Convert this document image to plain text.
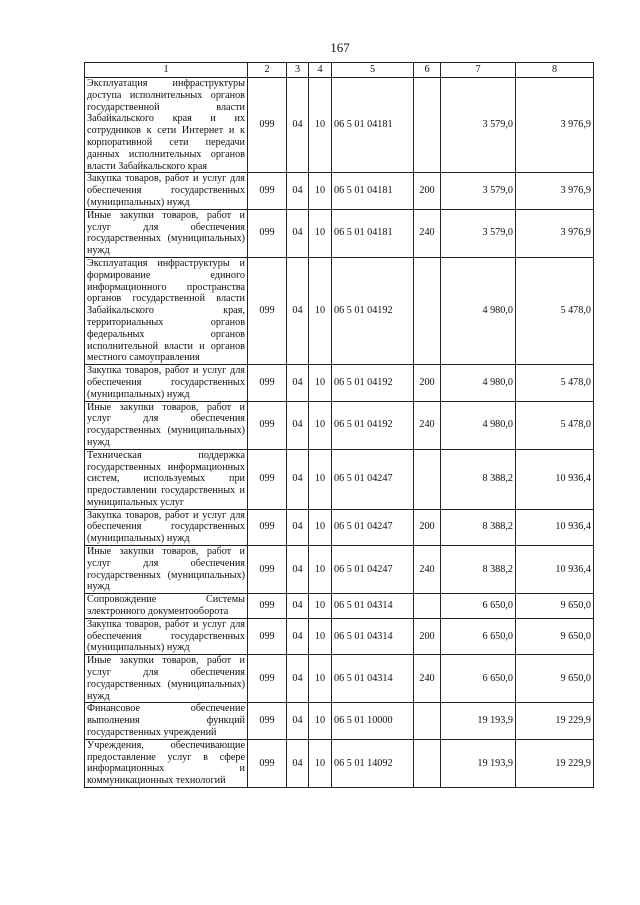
167
1	2	3	4	5	6	7	8
Эксплуатация инфраструктуры доступа исполнительных органов государственной власти Забайкальского края и их сотрудников к сети Интернет и к корпоративной сети передачи данных исполнительных органов власти Забайкальского края	099	04	10	06 5 01 04181		3 579,0	3 976,9
Закупка товаров, работ и услуг для обеспечения государственных (муниципальных) нужд	099	04	10	06 5 01 04181	200	3 579,0	3 976,9
Иные закупки товаров, работ и услуг для обеспечения государственных (муниципальных) нужд	099	04	10	06 5 01 04181	240	3 579,0	3 976,9
Эксплуатация инфраструктуры и формирование единого информационного пространства органов государственной власти Забайкальского края, территориальных органов федеральных органов исполнительной власти и органов местного самоуправления	099	04	10	06 5 01 04192		4 980,0	5 478,0
Закупка товаров, работ и услуг для обеспечения государственных (муниципальных) нужд	099	04	10	06 5 01 04192	200	4 980,0	5 478,0
Иные закупки товаров, работ и услуг для обеспечения государственных (муниципальных) нужд	099	04	10	06 5 01 04192	240	4 980,0	5 478,0
Техническая поддержка государственных информационных систем, используемых при предоставлении государственных и муниципальных услуг	099	04	10	06 5 01 04247		8 388,2	10 936,4
Закупка товаров, работ и услуг для обеспечения государственных (муниципальных) нужд	099	04	10	06 5 01 04247	200	8 388,2	10 936,4
Иные закупки товаров, работ и услуг для обеспечения государственных (муниципальных) нужд	099	04	10	06 5 01 04247	240	8 388,2	10 936,4
Сопровождение Системы электронного документооборота	099	04	10	06 5 01 04314		6 650,0	9 650,0
Закупка товаров, работ и услуг для обеспечения государственных (муниципальных) нужд	099	04	10	06 5 01 04314	200	6 650,0	9 650,0
Иные закупки товаров, работ и услуг для обеспечения государственных (муниципальных) нужд	099	04	10	06 5 01 04314	240	6 650,0	9 650,0
Финансовое обеспечение выполнения функций государственных учреждений	099	04	10	06 5 01 10000		19 193,9	19 229,9
Учреждения, обеспечивающие предоставление услуг в сфере информационных и коммуникационных технологий	099	04	10	06 5 01 14092		19 193,9	19 229,9
